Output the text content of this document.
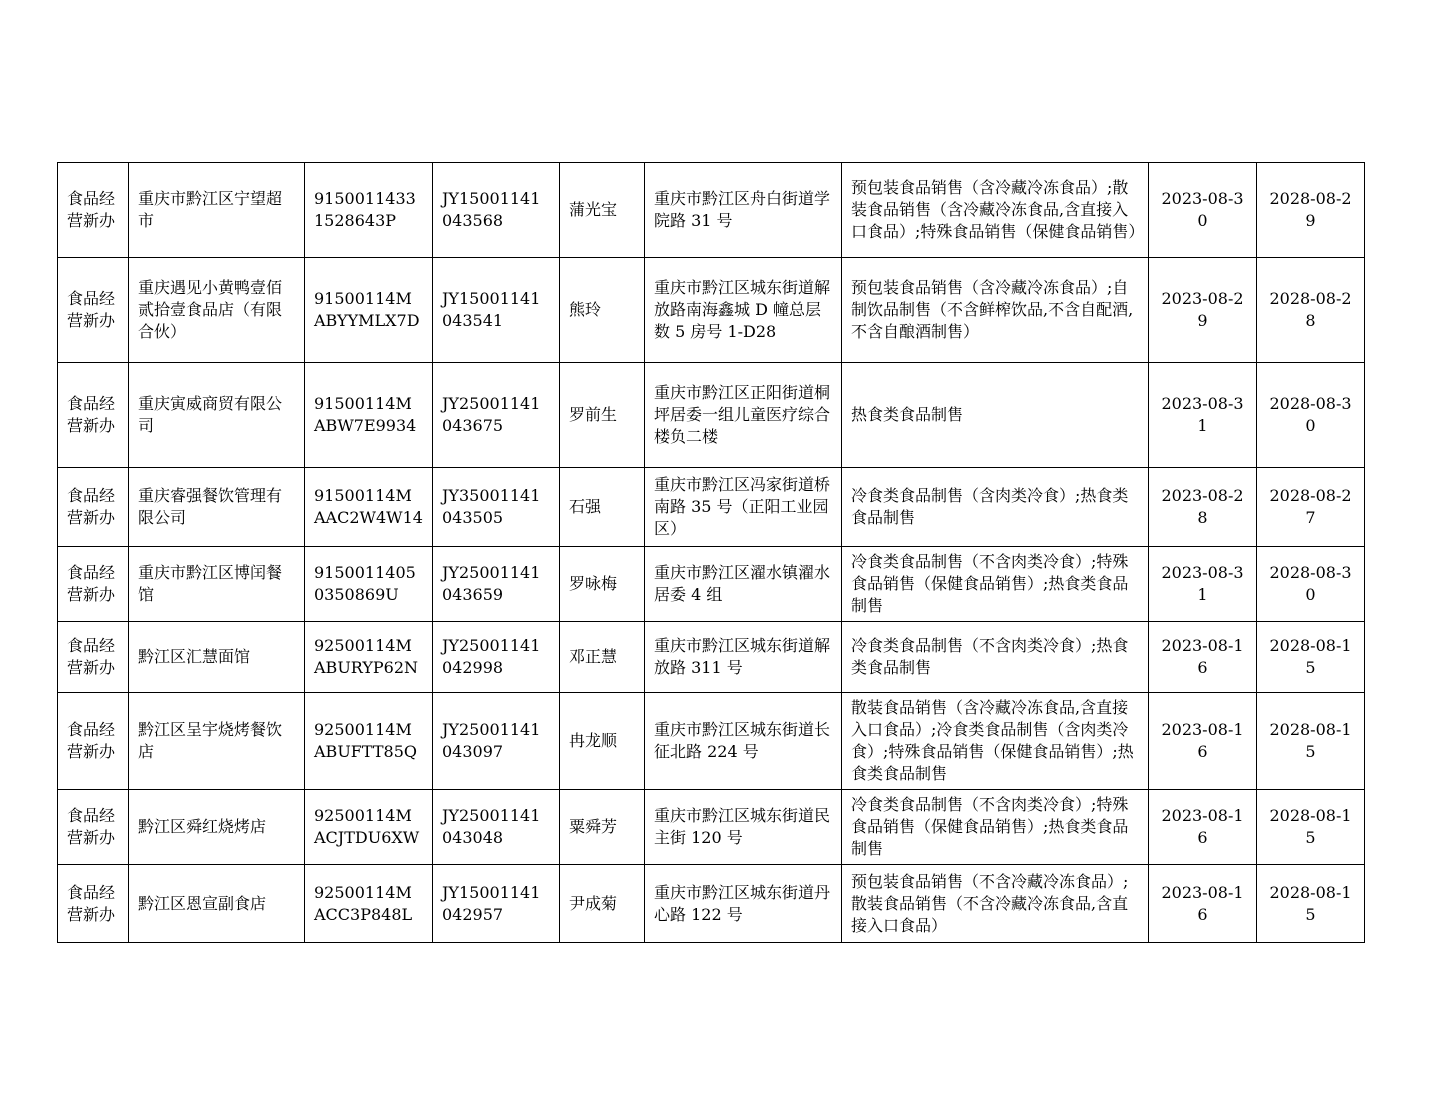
食品经营新办	重庆市黔江区宁望超市	91500114331528643P	JY15001141043568	蒲光宝	重庆市黔江区舟白街道学院路 31 号	预包装食品销售（含冷藏冷冻食品）;散装食品销售（含冷藏冷冻食品,含直接入口食品）;特殊食品销售（保健食品销售）	2023-08-30	2028-08-29
食品经营新办	重庆遇见小黄鸭壹佰贰拾壹食品店（有限合伙）	91500114MABYYMLX7D	JY15001141043541	熊玲	重庆市黔江区城东街道解放路南海鑫城 D 幢总层数 5 房号 1-D28	预包装食品销售（含冷藏冷冻食品）;自制饮品制售（不含鲜榨饮品,不含自配酒,不含自酿酒制售）	2023-08-29	2028-08-28
食品经营新办	重庆寅威商贸有限公司	91500114MABW7E9934	JY25001141043675	罗前生	重庆市黔江区正阳街道桐坪居委一组儿童医疗综合楼负二楼	热食类食品制售	2023-08-31	2028-08-30
食品经营新办	重庆睿强餐饮管理有限公司	91500114MAAC2W4W14	JY35001141043505	石强	重庆市黔江区冯家街道桥南路 35 号（正阳工业园区）	冷食类食品制售（含肉类冷食）;热食类食品制售	2023-08-28	2028-08-27
食品经营新办	重庆市黔江区博闰餐馆	91500114050350869U	JY25001141043659	罗咏梅	重庆市黔江区濯水镇濯水居委 4 组	冷食类食品制售（不含肉类冷食）;特殊食品销售（保健食品销售）;热食类食品制售	2023-08-31	2028-08-30
食品经营新办	黔江区汇慧面馆	92500114MABURYP62N	JY25001141042998	邓正慧	重庆市黔江区城东街道解放路 311 号	冷食类食品制售（不含肉类冷食）;热食类食品制售	2023-08-16	2028-08-15
食品经营新办	黔江区呈宇烧烤餐饮店	92500114MABUFTT85Q	JY25001141043097	冉龙顺	重庆市黔江区城东街道长征北路 224 号	散装食品销售（含冷藏冷冻食品,含直接入口食品）;冷食类食品制售（含肉类冷食）;特殊食品销售（保健食品销售）;热食类食品制售	2023-08-16	2028-08-15
食品经营新办	黔江区舜红烧烤店	92500114MACJTDU6XW	JY25001141043048	粟舜芳	重庆市黔江区城东街道民主街 120 号	冷食类食品制售（不含肉类冷食）;特殊食品销售（保健食品销售）;热食类食品制售	2023-08-16	2028-08-15
食品经营新办	黔江区恩宣副食店	92500114MACC3P848L	JY15001141042957	尹成菊	重庆市黔江区城东街道丹心路 122 号	预包装食品销售（不含冷藏冷冻食品）;散装食品销售（不含冷藏冷冻食品,含直接入口食品）	2023-08-16	2028-08-15
